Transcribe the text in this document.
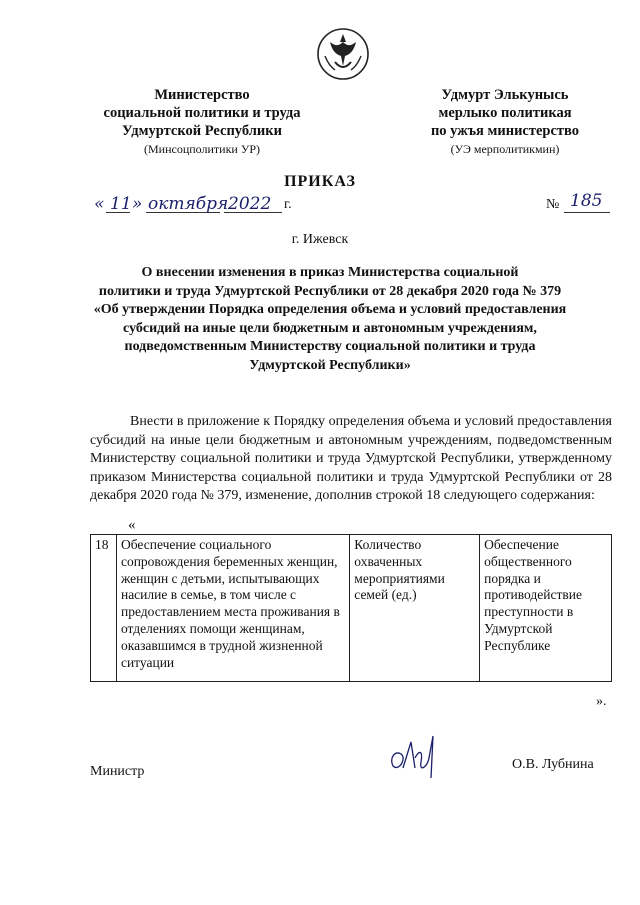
Министерство
социальной политики и труда
Удмуртской Республики
(Минсоцполитики УР)
Удмурт Элькунысь
мерлыко политикая
по ужъя министерство
(УЭ мерполитикмин)
ПРИКАЗ
« 11 » октября 2022 г.	№ 185
г. Ижевск
О внесении изменения в приказ Министерства социальной
политики и труда Удмуртской Республики от 28 декабря 2020 года № 379
«Об утверждении Порядка определения объема и условий предоставления
субсидий на иные цели бюджетным и автономным учреждениям,
подведомственным Министерству социальной политики и труда
Удмуртской Республики»

Внести в приложение к Порядку определения объема и условий предоставления субсидий на иные цели бюджетным и автономным учреждениям, подведомственным Министерству социальной политики и труда Удмуртской Республики, утвержденному приказом Министерства социальной политики и труда Удмуртской Республики от 28 декабря 2020 года № 379, изменение, дополнив строкой 18 следующего содержания:

«
18	Обеспечение социального сопровождения беременных женщин, женщин с детьми, испытывающих насилие в семье, в том числе с предоставлением места проживания в отделениях помощи женщинам, оказавшимся в трудной жизненной ситуации	Количество охваченных мероприятиями семей (ед.)	Обеспечение общественного порядка и противодействие преступности в Удмуртской Республике
».
Министр	О.В. Лубнина
